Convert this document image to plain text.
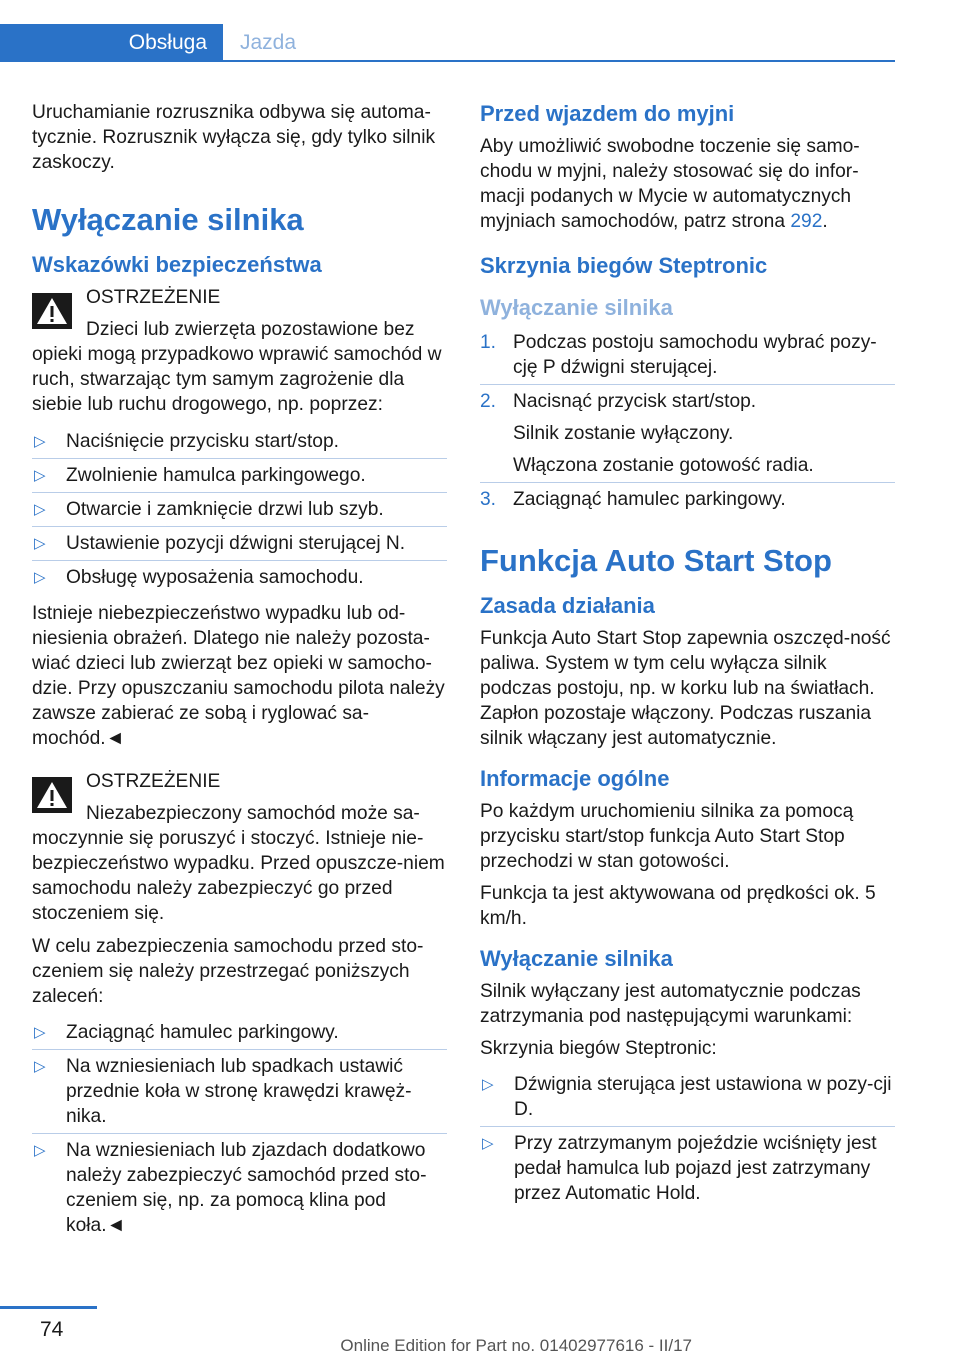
Obsługa	Jazda

Uruchamianie rozrusznika odbywa się automa-tycznie. Rozrusznik wyłącza się, gdy tylko silnik zaskoczy.

Wyłączanie silnika
Wskazówki bezpieczeństwa

OSTRZEŻENIE

Dzieci lub zwierzęta pozostawione bez opieki mogą przypadkowo wprawić samochód w ruch, stwarzając tym samym zagrożenie dla siebie lub ruchu drogowego, np. poprzez:

▷ Naciśnięcie przycisku start/stop.
▷ Zwolnienie hamulca parkingowego.
▷ Otwarcie i zamknięcie drzwi lub szyb.
▷ Ustawienie pozycji dźwigni sterującej N.
▷ Obsługę wyposażenia samochodu.

Istnieje niebezpieczeństwo wypadku lub od-niesienia obrażeń. Dlatego nie należy pozosta-wiać dzieci lub zwierząt bez opieki w samocho-dzie. Przy opuszczaniu samochodu pilota należy zawsze zabierać ze sobą i ryglować sa-mochód.◄

OSTRZEŻENIE

Niezabezpieczony samochód może sa-moczynnie się poruszyć i stoczyć. Istnieje nie-bezpieczeństwo wypadku. Przed opuszcze-niem samochodu należy zabezpieczyć go przed stoczeniem się.

W celu zabezpieczenia samochodu przed sto-czeniem się należy przestrzegać poniższych zaleceń:

▷ Zaciągnąć hamulec parkingowy.
▷ Na wzniesieniach lub spadkach ustawić przednie koła w stronę krawędzi krawęż-nika.
▷ Na wzniesieniach lub zjazdach dodatkowo należy zabezpieczyć samochód przed sto-czeniem się, np. za pomocą klina pod koła.◄
Przed wjazdem do myjni

Aby umożliwić swobodne toczenie się samo-chodu w myjni, należy stosować się do infor-macji podanych w Mycie w automatycznych myjniach samochodów, patrz strona 292.

Skrzynia biegów Steptronic
Wyłączanie silnika
1. Podczas postoju samochodu wybrać pozy-cję P dźwigni sterującej.
2. Nacisnąć przycisk start/stop.
Silnik zostanie wyłączony.
Włączona zostanie gotowość radia.
3. Zaciągnąć hamulec parkingowy.
Funkcja Auto Start Stop
Zasada działania

Funkcja Auto Start Stop zapewnia oszczęd-ność paliwa. System w tym celu wyłącza silnik podczas postoju, np. w korku lub na światłach. Zapłon pozostaje włączony. Podczas ruszania silnik włączany jest automatycznie.

Informacje ogólne

Po każdym uruchomieniu silnika za pomocą przycisku start/stop funkcja Auto Start Stop przechodzi w stan gotowości.

Funkcja ta jest aktywowana od prędkości ok. 5 km/h.

Wyłączanie silnika

Silnik wyłączany jest automatycznie podczas zatrzymania pod następującymi warunkami:

Skrzynia biegów Steptronic:

▷ Dźwignia sterująca jest ustawiona w pozy-cji D.
▷ Przy zatrzymanym pojeździe wciśnięty jest pedał hamulca lub pojazd jest zatrzymany przez Automatic Hold.
74
Online Edition for Part no. 01402977616 - II/17
